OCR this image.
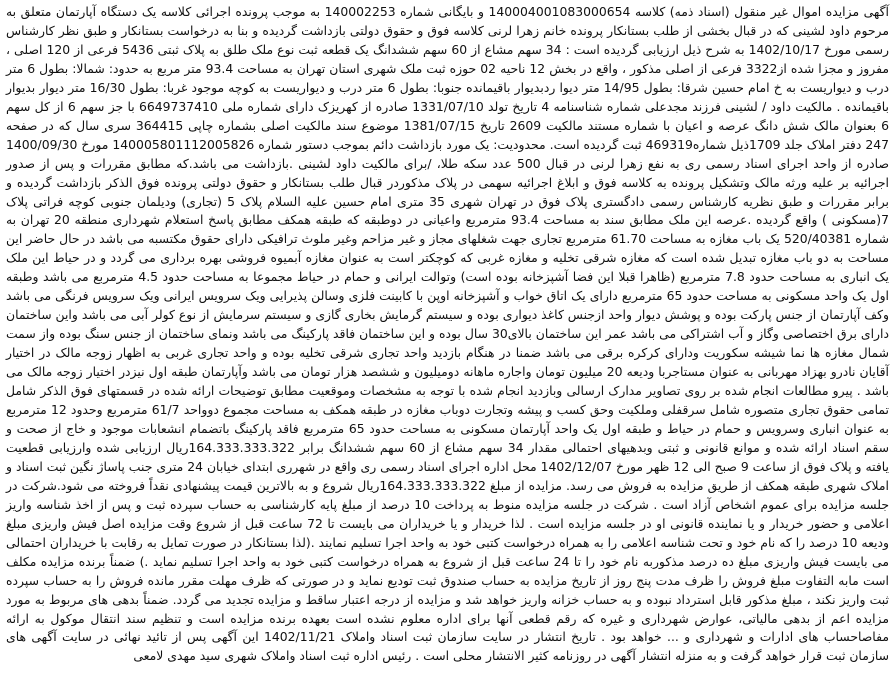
آگهی مزایده اموال غیر منقول (اسناد ذمه) کلاسه 140004001083000654 و بایگانی شماره 140002253 به موجب پرونده اجرائی کلاسه یک دستگاه آپارتمان متعلق به مرحوم داود لشینی که در قبال بخشی از طلب بستانکار پرونده خانم زهرا لرنی کلاسه فوق و حقوق دولتی بازداشت گردیده و بنا به درخواست بستانکار و طبق نظر کارشناس رسمی مورخ 1402/10/17 به شرح ذیل ارزیابی گردیده است : 34 سهم مشاع از 60 سهم ششدانگ یک قطعه ثبت نوع ملک طلق به پلاک ثبتی 5436 فرعی از 120 اصلی ، مفروز و مجزا شده از3322 فرعی از اصلی مذکور ، واقع در بخش 12 ناحیه 02 حوزه ثبت ملک شهری استان تهران به مساحت 93.4 متر مربع به حدود: شمالا: بطول 6 متر درب و دیواریست به خ امام حسین شرقا: بطول 14/95 متر دیوا ردبدیوار باقیمانده جنوبا: بطول 6 متر درب و دیواریست به کوچه موجود غربا: بطول 16/30 متر دیوار بدیوار باقیمانده . مالکیت داود / لشینی فرزند مجدعلی شماره شناسنامه 4 تاریخ تولد 1331/07/10 صادره از کهریزک دارای شماره ملی 6649737410 با جز سهم 6 از کل سهم 6 بعنوان مالک شش دانگ عرصه و اعیان با شماره مستند مالکیت 2609 تاریخ 1381/07/15 موضوع سند مالکیت اصلی بشماره چاپی 364415 سری سال که در صفحه 247 دفتر املاک جلد 1709ذیل شماره469319 ثبت گردیده است. محدودیت: یک مورد بازداشت دائم بموجب دستور شماره 140005801112005826 مورخ 1400/09/30 صادره از واحد اجرای اسناد رسمی ری به نفع زهرا لرنی در قبال 500 عدد سکه طلا، /برای مالکیت داود لشینی .بازداشت می باشد.که مطابق مقررات و پس از صدور اجرائیه بر علیه ورثه مالک وتشکیل پرونده به کلاسه فوق و ابلاغ اجرائیه سهمی در پلاک مذکوردر قبال طلب بستانکار و حقوق دولتی پرونده فوق الذکر بازداشت گردیده و برابر مقررات و طبق نظریه کارشناس رسمی دادگستری پلاک فوق در تهران شهری 35 متری امام حسین علیه السلام پلاک 5 (تجاری) ودیلمان جنوبی کوچه فراتی پلاک 7(مسکونی ) واقع گردیده .عرصه این ملک مطابق سند به مساحت 93.4 مترمربع واعیانی در دوطبقه که طبقه همکف مطابق پاسخ استعلام شهرداری منطقه 20 تهران به شماره 520/40381 یک باب مغازه به مساحت 61.70 مترمربع تجاری جهت شغلهای مجاز و غیر مزاحم وغیر ملوث ترافیکی دارای حقوق مکتسبه می باشد در حال حاضر این مساحت به دو باب مغازه تبدیل شده است که مغازه شرقی تخلیه و مغازه غربی که کوچکتر است به عنوان مغازه آبمیوه فروشی بهره برداری می گردد و در حیاط این ملک یک انباری به مساحت حدود 7.8 مترمربع (ظاهرا قبلا این فضا آشپزخانه بوده است) وتوالت ایرانی و حمام در حیاط مجموعا به مساحت حدود 4.5 مترمربع می باشد وطبقه اول یک واحد مسکونی به مساحت حدود 65 مترمربع دارای یک اتاق خواب و آشپزخانه اوپن با کابینت فلزی وسالن پذیرایی ویک سرویس ایرانی ویک سرویس فرنگی می باشد وکف آپارتمان از جنس پارکت بوده و پوشش دیوار واحد ازجنس کاغذ دیواری بوده و سیستم گرمایش بخاری گازی و سیستم سرمایش از نوع کولر آبی می باشد واین ساختمان دارای برق اختصاصی وگاز و آب اشتراکی می باشد عمر این ساختمان بالای30 سال بوده و این ساختمان فاقد پارکینگ می باشد ونمای ساختمان از جنس سنگ بوده واز سمت شمال مغازه ها نما شیشه سکوریت ودارای کرکره برقی می باشد ضمنا در هنگام بازدید واحد تجاری شرقی تخلیه بوده و واحد تجاری غربی به اظهار زوجه مالک در اختیار آقایان نادرو بهزاد مهربانی به عنوان مستاجربا ودیعه 20 میلیون تومان واجاره ماهانه دومیلیون و ششصد هزار تومان می باشد وآپارتمان طبقه اول نیزدر اختیار زوجه مالک می باشد . پیرو مطالعات انجام شده بر روی تصاویر مدارک ارسالی وبازدید انجام شده با توجه به مشخصات وموقعیت مطابق توضیحات ارائه شده در قسمتهای فوق الذکر شامل تمامی حقوق تجاری متصوره شامل سرقفلی وملکیت وحق کسب و پیشه وتجارت دوباب مغازه در طبقه همکف به مساحت مجموع دوواحد 61/7 مترمربع وحدود 12 مترمربع به عنوان انباری وسرویس و حمام در حیاط و طبقه اول یک واحد آپارتمان مسکونی به مساحت حدود 65 مترمربع فاقد پارکینگ باتضمام انشعابات موجود و خاج از صحت و سقم اسناد ارائه شده و موانع قانونی و ثبتی وبدهیهای احتمالی مقدار 34 سهم مشاع از 60 سهم ششدانگ برابر 164.333.333.322ریال ارزیابی شده وارزیابی قطعیت یافته و پلاک فوق از ساعت 9 صبح الی 12 ظهر مورخ 1402/12/07 محل اداره اجرای اسناد رسمی ری واقع در شهرری ابتدای خیابان 24 متری جنب پاساژ نگین ثبت اسناد و املاک شهری طبقه همکف از طریق مزایده به فروش می رسد. مزایده از مبلغ 164.333.333.322ریال شروع و به بالاترین قیمت پیشنهادی نقداً فروخته می شود.شرکت در جلسه مزایده برای عموم اشخاص آزاد است . شرکت در جلسه مزایده منوط به پرداخت 10 درصد از مبلغ پایه کارشناسی به حساب سپرده ثبت و پس از اخذ شناسه واریز اعلامی و حضور خریدار و یا نماینده قانونی او در جلسه مزایده است . لذا خریدار و یا خریداران می بایست تا 72 ساعت قبل از شروع وقت مزایده اصل فیش واریزی مبلغ ودیعه 10 درصد را که نام خود و تحت شناسه اعلامی را به همراه درخواست کتبی خود به واحد اجرا تسلیم نمایند .(لذا بستانکار در صورت تمایل به رقابت با خریداران احتمالی می بایست فیش واریزی مبلغ ده درصد مذکوربه نام خود را تا 24 ساعت قبل از شروع به همراه درخواست کتبی خود به واحد اجرا تسلیم نماید .) ضمناً برنده مزایده مکلف است مابه التفاوت مبلغ فروش را ظرف مدت پنج روز از تاریخ مزایده به حساب صندوق ثبت تودیع نماید و در صورتی که ظرف مهلت مقرر مانده فروش را به حساب سپرده ثبت واریز نکند ، مبلغ مذکور قابل استرداد نبوده و به حساب خزانه واریز خواهد شد و مزایده از درجه اعتبار ساقط و مزایده تجدید می گردد. ضمناً بدهی های مربوط به مورد مزایده اعم از بدهی مالیاتی، عوارض شهرداری و غیره که رقم قطعی آنها برای اداره معلوم نشده است بعهده برنده مزایده است و تنظیم سند انتقال موکول به ارائه مفاصاحساب های ادارات و شهرداری و ... خواهد بود . تاریخ انتشار در سایت سازمان ثبت اسناد واملاک 1402/11/21 این آگهی پس از تائید نهائی در سایت آگهی های سازمان ثبت قرار خواهد گرفت و به منزله انتشار آگهی در روزنامه کثیر الانتشار محلی است . رئیس اداره ثبت اسناد واملاک شهری سید مهدی لامعی
